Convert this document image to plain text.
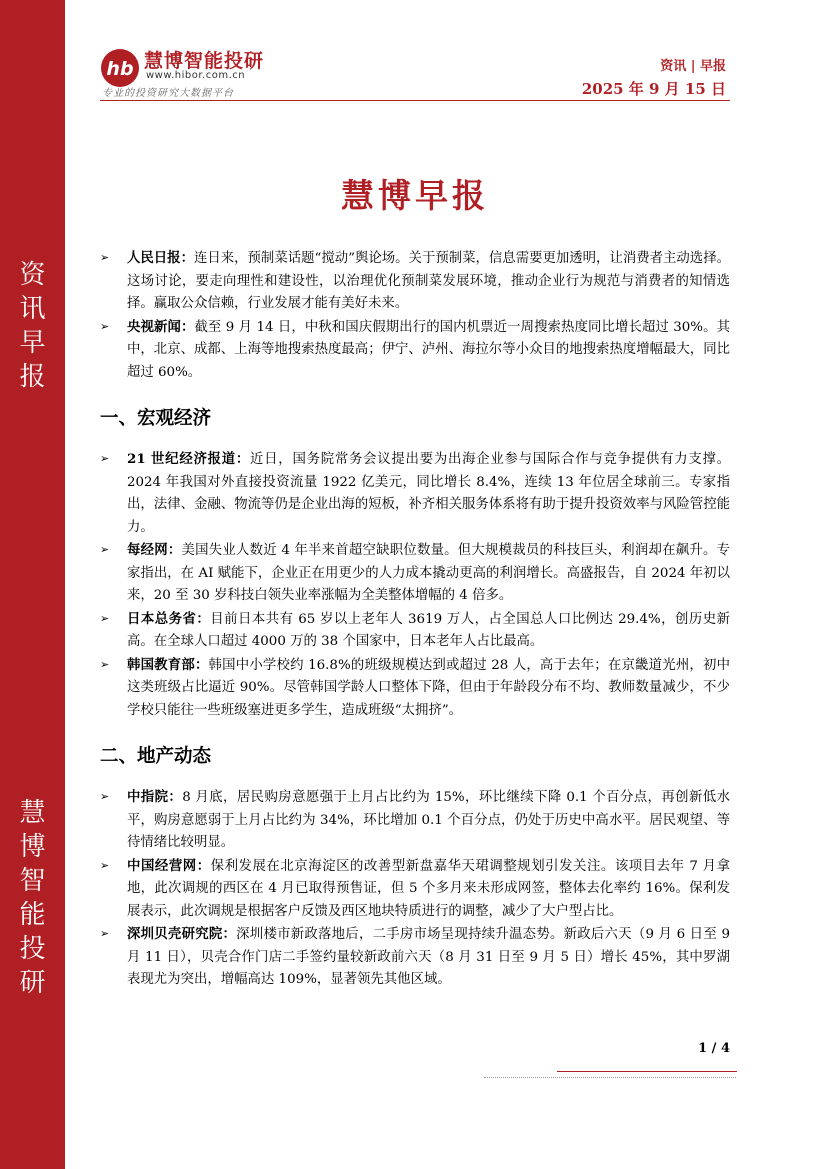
资
讯
早
报
慧
博
智
能
投
研
hb 慧博智能投研
www.hibor.com.cn
专业的投资研究大数据平台
资讯 | 早报
2025 年 9 月 15 日
慧博早报
➢ 人民日报：连日来，预制菜话题“搅动”舆论场。关于预制菜，信息需要更加透明，让消费者主动选择。这场讨论，要走向理性和建设性，以治理优化预制菜发展环境，推动企业行为规范与消费者的知情选择。赢取公众信赖，行业发展才能有美好未来。
➢ 央视新闻：截至 9 月 14 日，中秋和国庆假期出行的国内机票近一周搜索热度同比增长超过 30%。其中，北京、成都、上海等地搜索热度最高；伊宁、泸州、海拉尔等小众目的地搜索热度增幅最大，同比超过 60%。
一、宏观经济
➢ 21 世纪经济报道：近日，国务院常务会议提出要为出海企业参与国际合作与竞争提供有力支撑。2024 年我国对外直接投资流量 1922 亿美元，同比增长 8.4%，连续 13 年位居全球前三。专家指出，法律、金融、物流等仍是企业出海的短板，补齐相关服务体系将有助于提升投资效率与风险管控能力。
➢ 每经网：美国失业人数近 4 年半来首超空缺职位数量。但大规模裁员的科技巨头，利润却在飙升。专家指出，在 AI 赋能下，企业正在用更少的人力成本撬动更高的利润增长。高盛报告，自 2024 年初以来，20 至 30 岁科技白领失业率涨幅为全美整体增幅的 4 倍多。
➢ 日本总务省：目前日本共有 65 岁以上老年人 3619 万人，占全国总人口比例达 29.4%，创历史新高。在全球人口超过 4000 万的 38 个国家中，日本老年人占比最高。
➢ 韩国教育部：韩国中小学校约 16.8%的班级规模达到或超过 28 人，高于去年；在京畿道光州，初中这类班级占比逼近 90%。尽管韩国学龄人口整体下降，但由于年龄段分布不均、教师数量减少，不少学校只能往一些班级塞进更多学生，造成班级“太拥挤”。
二、地产动态
➢ 中指院：8 月底，居民购房意愿强于上月占比约为 15%，环比继续下降 0.1 个百分点，再创新低水平，购房意愿弱于上月占比约为 34%，环比增加 0.1 个百分点，仍处于历史中高水平。居民观望、等待情绪比较明显。
➢ 中国经营网：保利发展在北京海淀区的改善型新盘嘉华天珺调整规划引发关注。该项目去年 7 月拿地，此次调规的西区在 4 月已取得预售证，但 5 个多月来未形成网签，整体去化率约 16%。保利发展表示，此次调规是根据客户反馈及西区地块特质进行的调整，减少了大户型占比。
➢ 深圳贝壳研究院：深圳楼市新政落地后，二手房市场呈现持续升温态势。新政后六天（9 月 6 日至 9 月 11 日），贝壳合作门店二手签约量较新政前六天（8 月 31 日至 9 月 5 日）增长 45%，其中罗湖表现尤为突出，增幅高达 109%，显著领先其他区域。
1 / 4
